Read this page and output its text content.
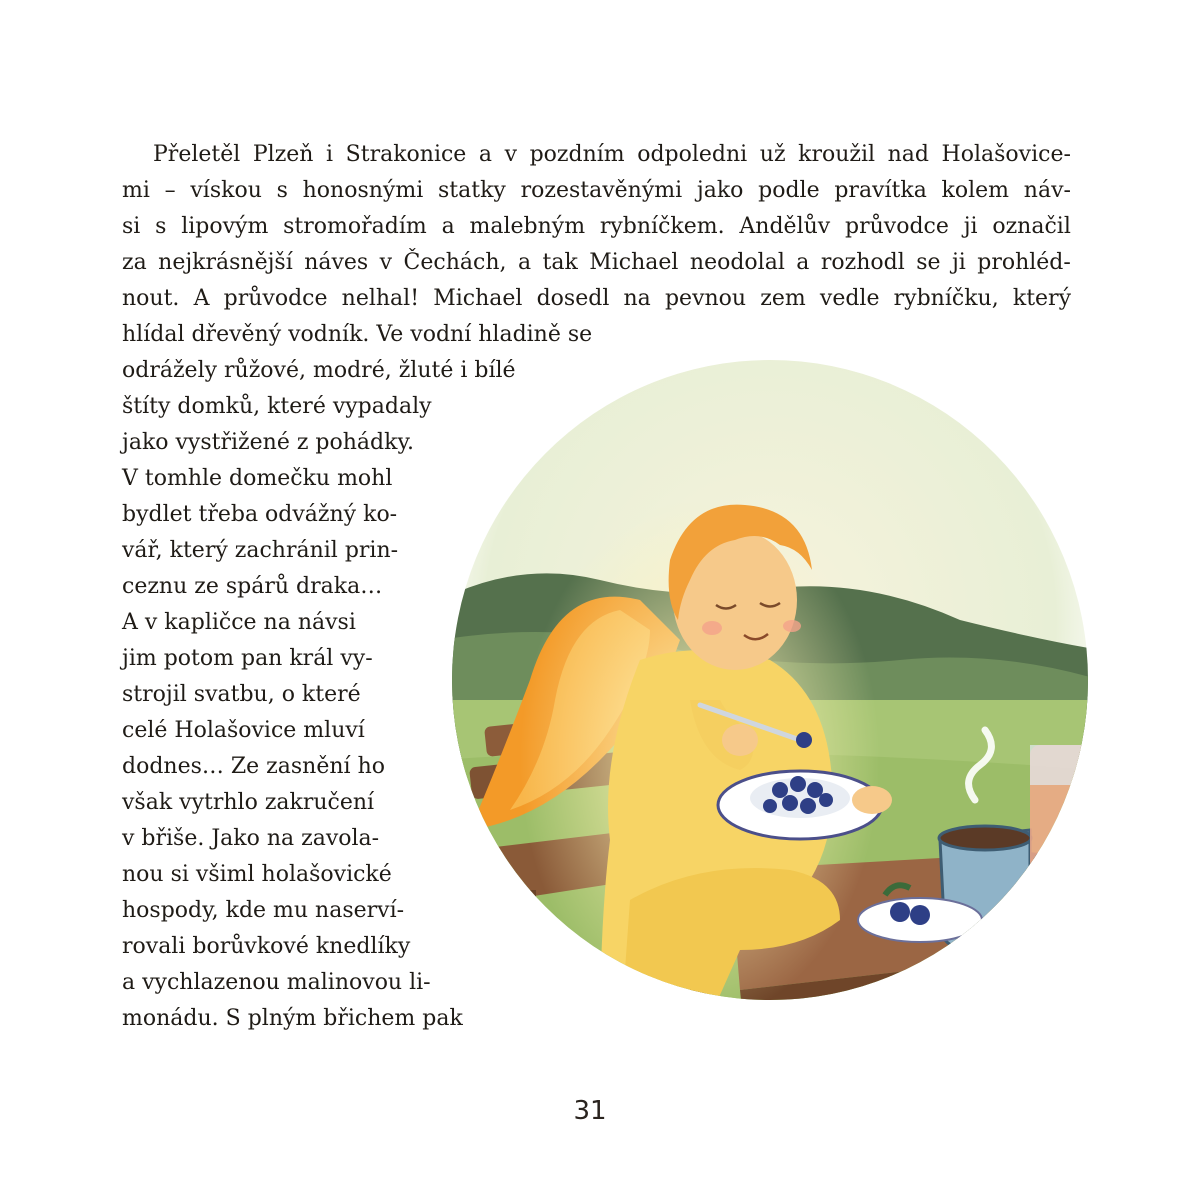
Přeletěl Plzeň i Strakonice a v pozdním odpoledni už kroužil nad Holašovice-
mi – vískou s honosnými statky rozestavěnými jako podle pravítka kolem náv-
si s lipovým stromořadím a malebným rybníčkem. Andělův průvodce ji označil
za nejkrásnější náves v Čechách, a tak Michael neodolal a rozhodl se ji prohléd-
nout. A průvodce nelhal! Michael dosedl na pevnou zem vedle rybníčku, který
hlídal dřevěný vodník. Ve vodní hladině se
odrážely růžové, modré, žluté i bílé
štíty domků, které vypadaly
jako vystřižené z pohádky.
V tomhle domečku mohl
bydlet třeba odvážný ko-
vář, který zachránil prin-
ceznu ze spárů draka…
A v kapličce na návsi
jim potom pan král vy-
strojil svatbu, o které
celé Holašovice mluví
dodnes… Ze zasnění ho
však vytrhlo zakručení
v břiše. Jako na zavola-
nou si všiml holašovické
hospody, kde mu naserví-
rovali borůvkové knedlíky
a vychlazenou malinovou li-
monádu. S plným břichem pak
31
